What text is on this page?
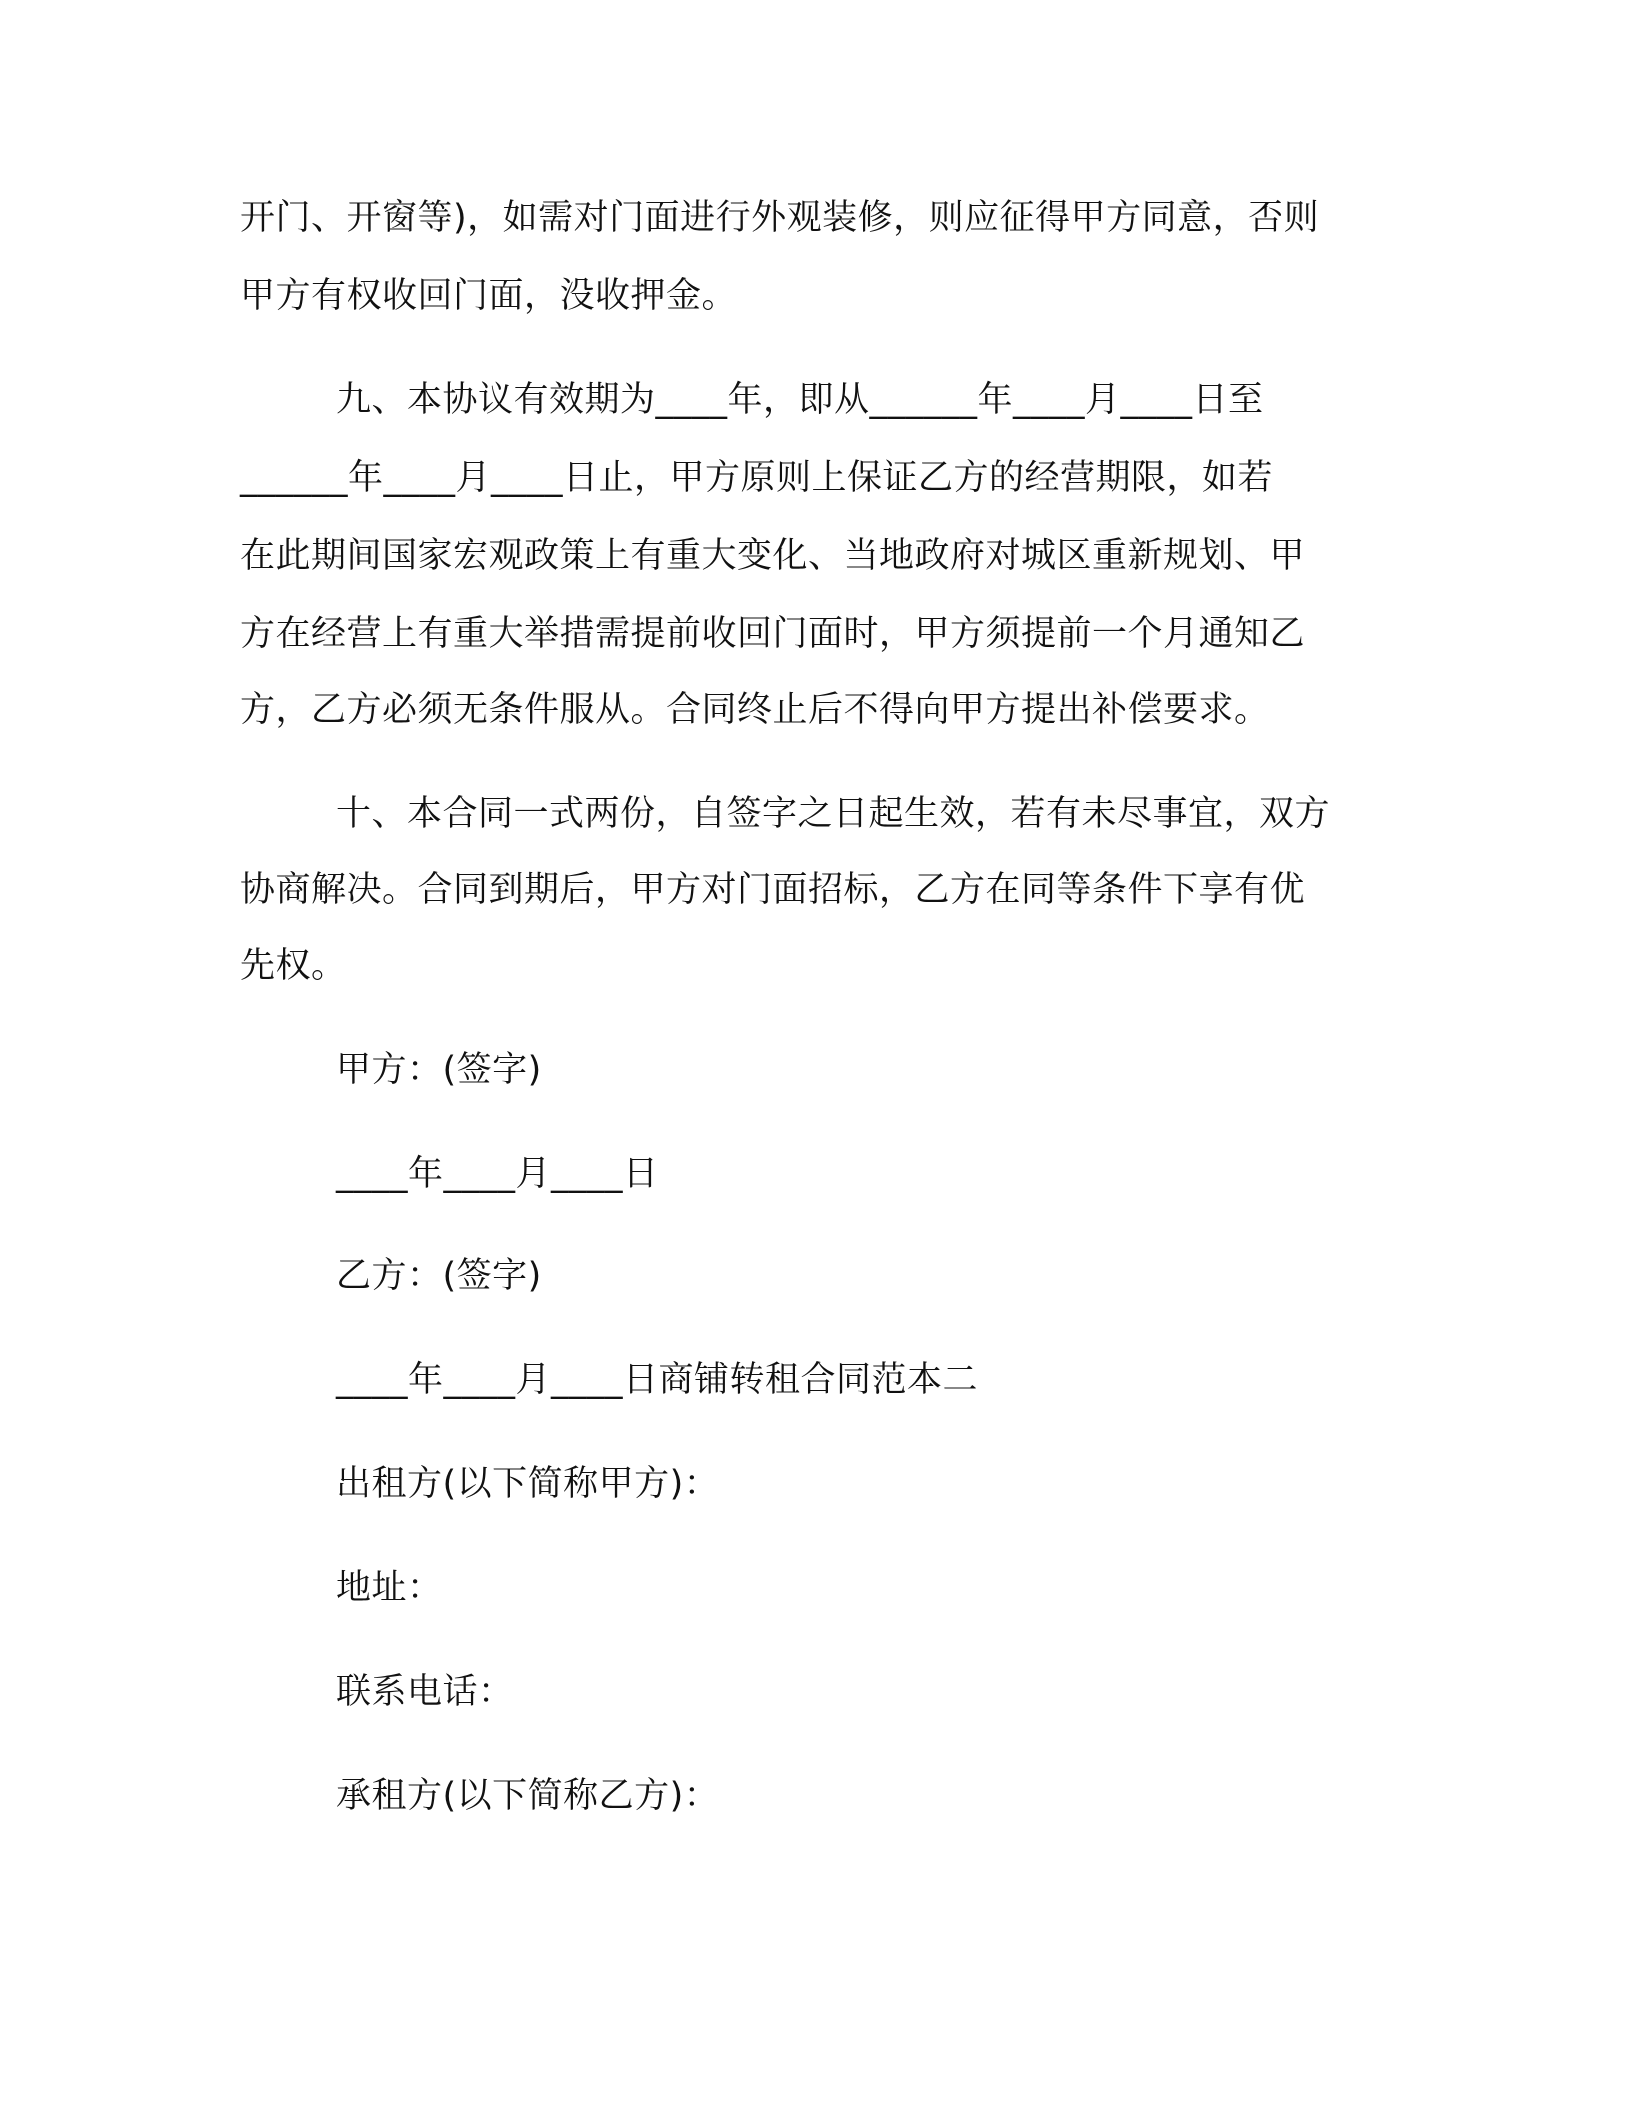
开门、开窗等)，如需对门面进行外观装修，则应征得甲方同意，否则
甲方有权收回门面，没收押金。
九、本协议有效期为____年，即从______年____月____日至
______年____月____日止，甲方原则上保证乙方的经营期限，如若
在此期间国家宏观政策上有重大变化、当地政府对城区重新规划、甲
方在经营上有重大举措需提前收回门面时，甲方须提前一个月通知乙
方，乙方必须无条件服从。合同终止后不得向甲方提出补偿要求。
十、本合同一式两份，自签字之日起生效，若有未尽事宜，双方
协商解决。合同到期后，甲方对门面招标，乙方在同等条件下享有优
先权。
甲方：(签字)
____年____月____日
乙方：(签字)
____年____月____日商铺转租合同范本二
出租方(以下简称甲方)：
地址：
联系电话：
承租方(以下简称乙方)：
